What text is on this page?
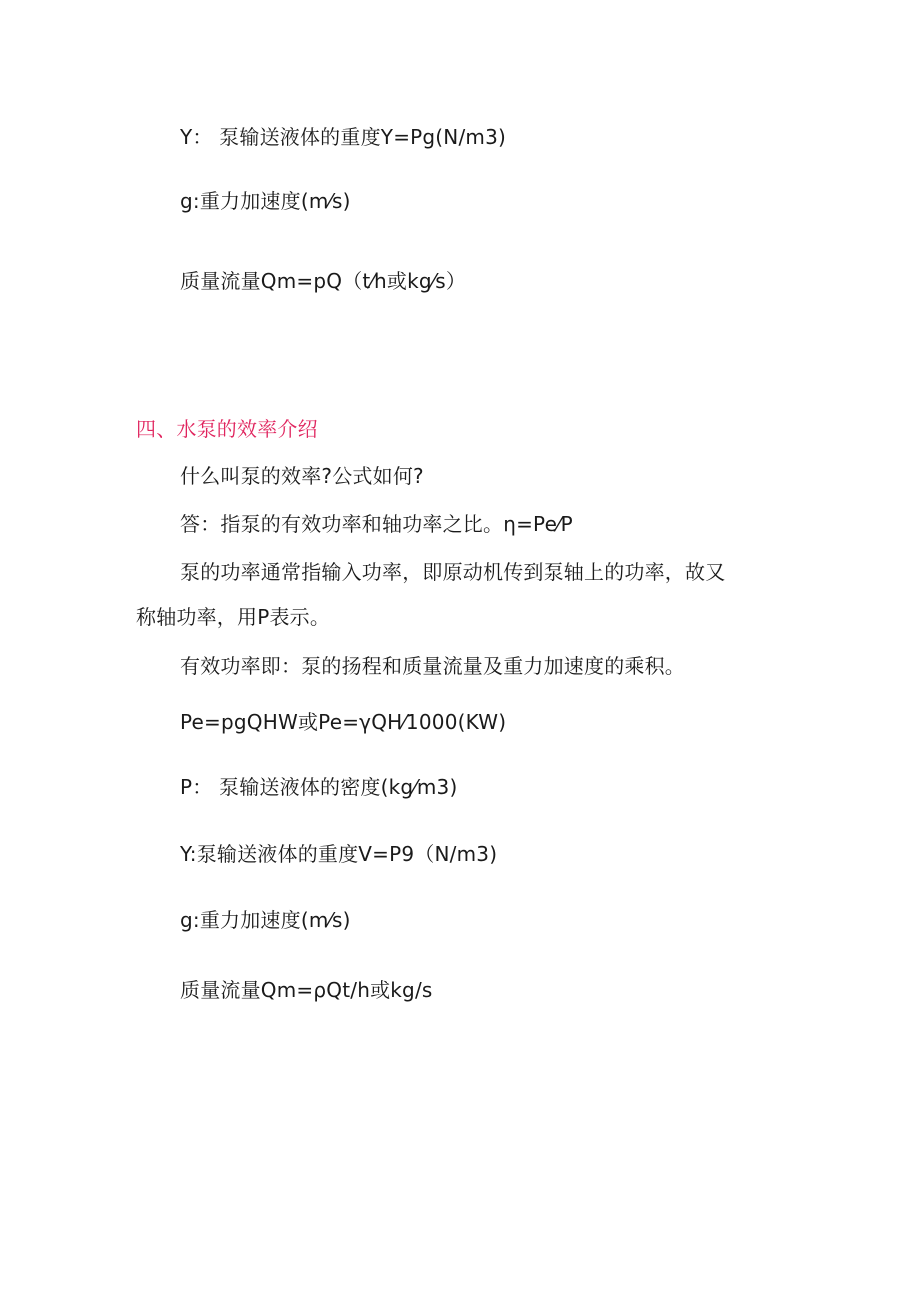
Y： 泵输送液体的重度Y=Pg(N/m3)
g:重力加速度(m⁄s)
质量流量Qm=pQ（t⁄h或kg⁄s）
四、水泵的效率介绍
什么叫泵的效率?公式如何?
答：指泵的有效功率和轴功率之比。η=Pe⁄P
泵的功率通常指输入功率，即原动机传到泵轴上的功率，故又
称轴功率，用P表示。
有效功率即：泵的扬程和质量流量及重力加速度的乘积。
Pe=pgQHW或Pe=γQH⁄1000(KW)
P： 泵输送液体的密度(kg⁄m3)
Y:泵输送液体的重度V=P9（N/m3)
g:重力加速度(m⁄s)
质量流量Qm=ρQt/h或kg/s
